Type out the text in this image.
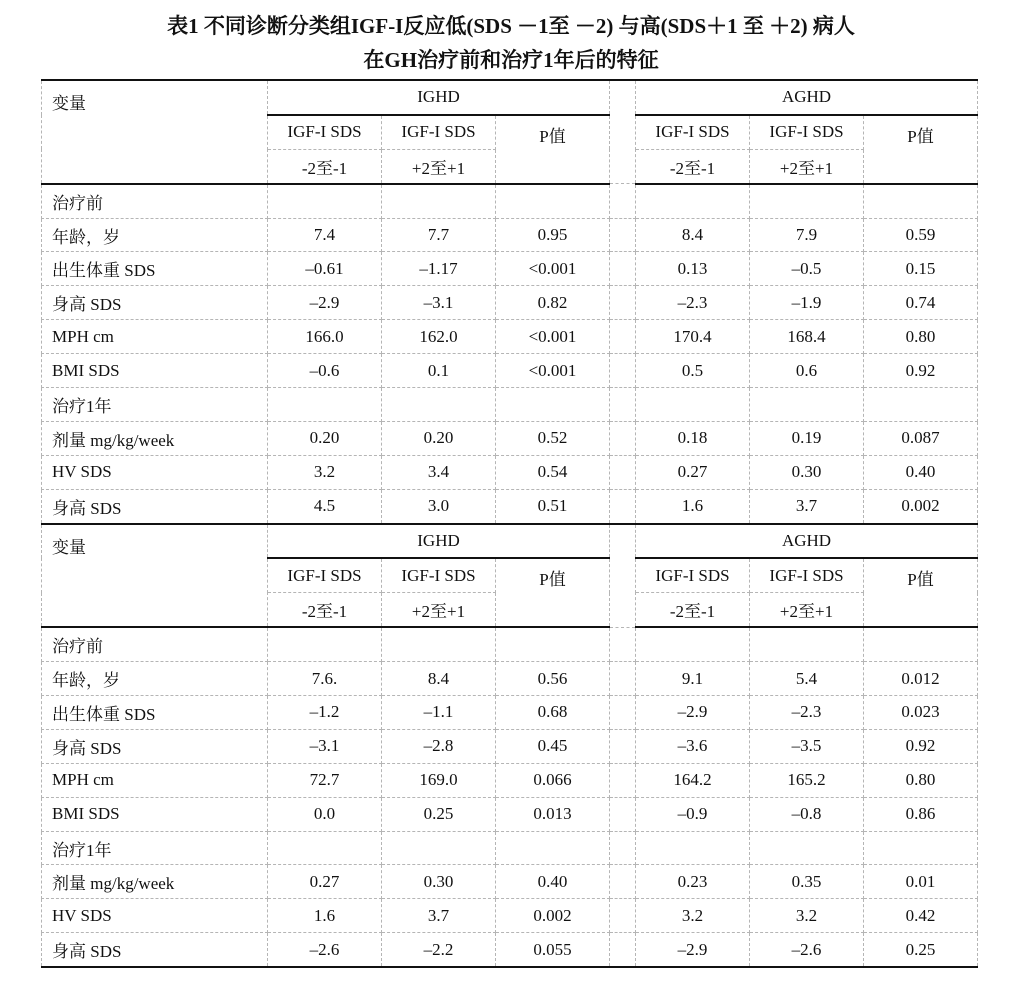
表1 不同诊断分类组IGF-I反应低(SDS －1至 －2) 与高(SDS＋1 至 ＋2) 病人
在GH治疗前和治疗1年后的特征
变量	IGHD				AGHD		
	IGF-I SDS	IGF-I SDS	P值		IGF-I SDS	IGF-I SDS	P值
	-2至-1	+2至+1			-2至-1	+2至+1	
治疗前							
年龄，岁	7.4	7.7	0.95		8.4	7.9	0.59
出生体重 SDS	–0.61	–1.17	<0.001		0.13	–0.5	0.15
身高 SDS	–2.9	–3.1	0.82		–2.3	–1.9	0.74
MPH cm	166.0	162.0	<0.001		170.4	168.4	0.80
BMI SDS	–0.6	0.1	<0.001		0.5	0.6	0.92
治疗1年							
剂量 mg/kg/week	0.20	0.20	0.52		0.18	0.19	0.087
HV SDS	3.2	3.4	0.54		0.27	0.30	0.40
身高 SDS	4.5	3.0	0.51		1.6	3.7	0.002
变量	IGHD				AGHD		
	IGF-I SDS	IGF-I SDS	P值		IGF-I SDS	IGF-I SDS	P值
	-2至-1	+2至+1			-2至-1	+2至+1	
治疗前							
年龄，岁	7.6.	8.4	0.56		9.1	5.4	0.012
出生体重 SDS	–1.2	–1.1	0.68		–2.9	–2.3	0.023
身高 SDS	–3.1	–2.8	0.45		–3.6	–3.5	0.92
MPH cm	72.7	169.0	0.066		164.2	165.2	0.80
BMI SDS	0.0	0.25	0.013		–0.9	–0.8	0.86
治疗1年							
剂量 mg/kg/week	0.27	0.30	0.40		0.23	0.35	0.01
HV SDS	1.6	3.7	0.002		3.2	3.2	0.42
身高 SDS	–2.6	–2.2	0.055		–2.9	–2.6	0.25
